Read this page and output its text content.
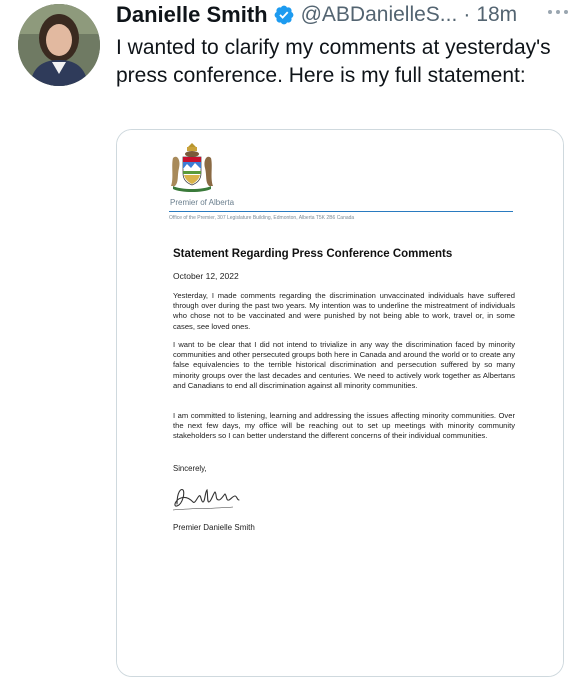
Danielle Smith @ABDanielleS... · 18m

I wanted to clarify my comments at yesterday's press conference. Here is my full statement:

Premier of Alberta
Office of the Premier, 307 Legislature Building, Edmonton, Alberta T5K 2B6 Canada
Statement Regarding Press Conference Comments
October 12, 2022

Yesterday, I made comments regarding the discrimination unvaccinated individuals have suffered through over during the past two years. My intention was to underline the mistreatment of individuals who chose not to be vaccinated and were punished by not being able to work, travel or, in some cases, see loved ones.

I want to be clear that I did not intend to trivialize in any way the discrimination faced by minority communities and other persecuted groups both here in Canada and around the world or to create any false equivalencies to the terrible historical discrimination and persecution suffered by so many minority groups over the last decades and centuries. We need to actively work together as Albertans and Canadians to end all discrimination against all minority communities.

I am committed to listening, learning and addressing the issues affecting minority communities. Over the next few days, my office will be reaching out to set up meetings with minority community stakeholders so I can better understand the different concerns of their individual communities.

Sincerely,
Premier Danielle Smith
